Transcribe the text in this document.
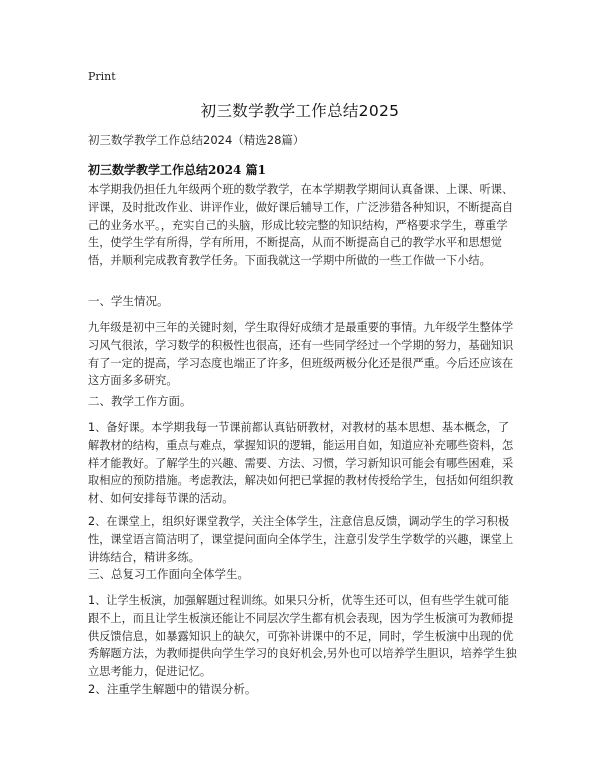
Print
初三数学教学工作总结2025
初三数学教学工作总结2024（精选28篇）
初三数学教学工作总结2024 篇1

本学期我仍担任九年级两个班的数学教学，在本学期教学期间认真备课、上课、听课、评课，及时批改作业、讲评作业，做好课后辅导工作，广泛涉猎各种知识，不断提高自己的业务水平。，充实自己的头脑，形成比较完整的知识结构，严格要求学生，尊重学生，使学生学有所得，学有所用，不断提高，从而不断提高自己的教学水平和思想觉悟，并顺利完成教育教学任务。下面我就这一学期中所做的一些工作做一下小结。

一、学生情况。

九年级是初中三年的关键时刻，学生取得好成绩才是最重要的事情。九年级学生整体学习风气很浓，学习数学的积极性也很高，还有一些同学经过一个学期的努力，基础知识有了一定的提高，学习态度也端正了许多，但班级两极分化还是很严重。今后还应该在这方面多多研究。

二、教学工作方面。

1、备好课。本学期我每一节课前都认真钻研教材，对教材的基本思想、基本概念，了解教材的结构，重点与难点，掌握知识的逻辑，能运用自如，知道应补充哪些资料，怎样才能教好。了解学生的兴趣、需要、方法、习惯，学习新知识可能会有哪些困难，采取相应的预防措施。考虑教法，解决如何把已掌握的教材传授给学生，包括如何组织教材、如何安排每节课的活动。

2、在课堂上，组织好课堂教学，关注全体学生，注意信息反馈，调动学生的学习积极性，课堂语言简洁明了，课堂提问面向全体学生，注意引发学生学数学的兴趣，课堂上讲练结合，精讲多练。

三、总复习工作面向全体学生。

1、让学生板演，加强解题过程训练。如果只分析，优等生还可以，但有些学生就可能跟不上，而且让学生板演还能让不同层次学生都有机会表现，因为学生板演可为教师提供反馈信息，如暴露知识上的缺欠，可弥补讲课中的不足，同时，学生板演中出现的优秀解题方法，为教师提供向学生学习的良好机会,另外也可以培养学生胆识，培养学生独立思考能力，促进记忆。

2、注重学生解题中的错误分析。
